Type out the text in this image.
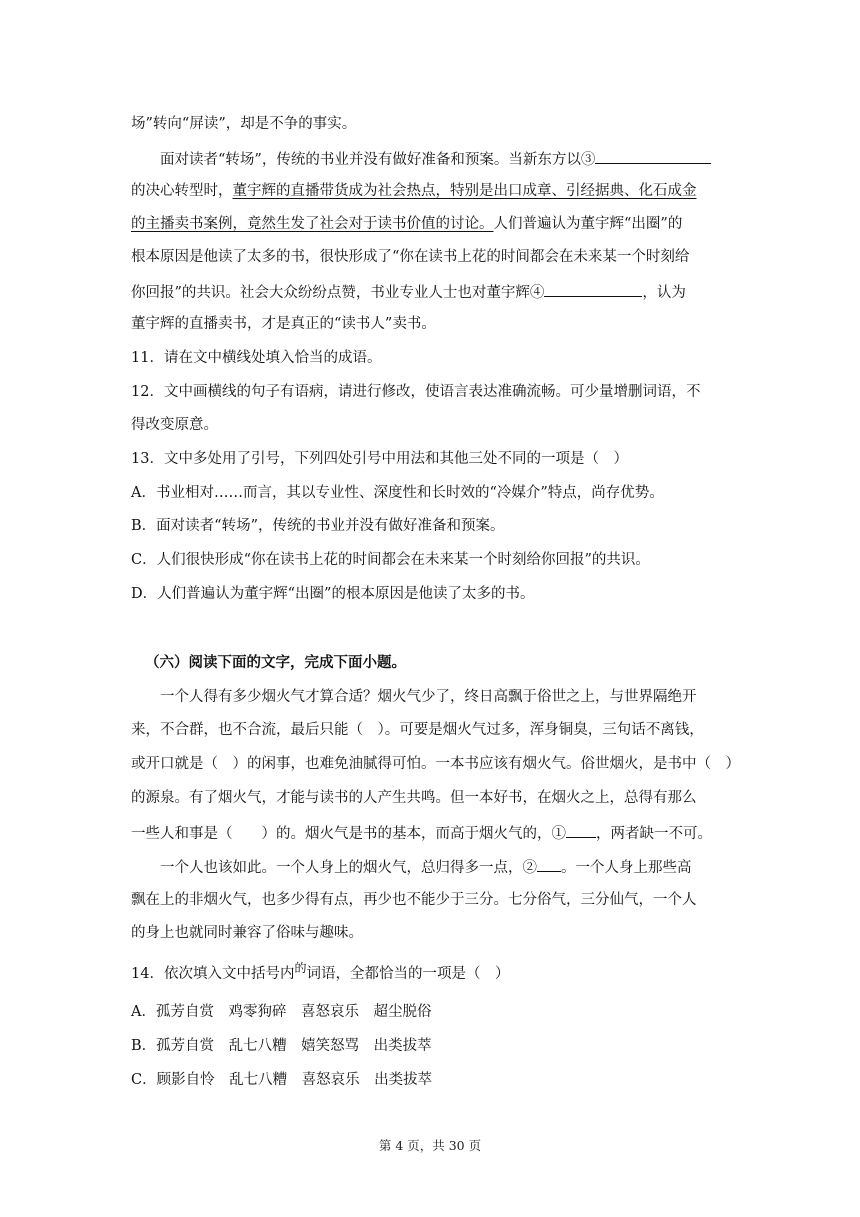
场”转向“屏读”，却是不争的事实。
面对读者“转场”，传统的书业并没有做好准备和预案。当新东方以③
的决心转型时，董宇辉的直播带货成为社会热点，特别是出口成章、引经据典、化石成金
的主播卖书案例，竟然生发了社会对于读书价值的讨论。人们普遍认为董宇辉“出圈”的
根本原因是他读了太多的书，很快形成了“你在读书上花的时间都会在未来某一个时刻给
你回报”的共识。社会大众纷纷点赞，书业专业人士也对董宇辉④	，认为
董宇辉的直播卖书，才是真正的“读书人”卖书。
11．请在文中横线处填入恰当的成语。
12．文中画横线的句子有语病，请进行修改，使语言表达准确流畅。可少量增删词语，不
得改变原意。
13．文中多处用了引号，下列四处引号中用法和其他三处不同的一项是（　）
A．书业相对……而言，其以专业性、深度性和长时效的“冷媒介”特点，尚存优势。
B．面对读者“转场”，传统的书业并没有做好准备和预案。
C．人们很快形成“你在读书上花的时间都会在未来某一个时刻给你回报”的共识。
D．人们普遍认为董宇辉“出圈”的根本原因是他读了太多的书。
（六）阅读下面的文字，完成下面小题。
一个人得有多少烟火气才算合适？烟火气少了，终日高飘于俗世之上，与世界隔绝开
来，不合群，也不合流，最后只能（　）。可要是烟火气过多，浑身铜臭，三句话不离钱，
或开口就是（　）的闲事，也难免油腻得可怕。一本书应该有烟火气。俗世烟火，是书中（　）
的源泉。有了烟火气，才能与读书的人产生共鸣。但一本好书，在烟火之上，总得有那么
一些人和事是（　　）的。烟火气是书的基本，而高于烟火气的，① ，两者缺一不可。
一个人也该如此。一个人身上的烟火气，总归得多一点，② 。一个人身上那些高
飘在上的非烟火气，也多少得有点，再少也不能少于三分。七分俗气，三分仙气，一个人
的身上也就同时兼容了俗味与趣味。
14．依次填入文中括号内$^的$词语，全都恰当的一项是（　）
A．孤芳自赏　鸡零狗碎　喜怒哀乐　超尘脱俗
B．孤芳自赏　乱七八糟　嬉笑怒骂　出类拔萃
C．顾影自怜　乱七八糟　喜怒哀乐　出类拔萃
第 4 页，共 30 页
